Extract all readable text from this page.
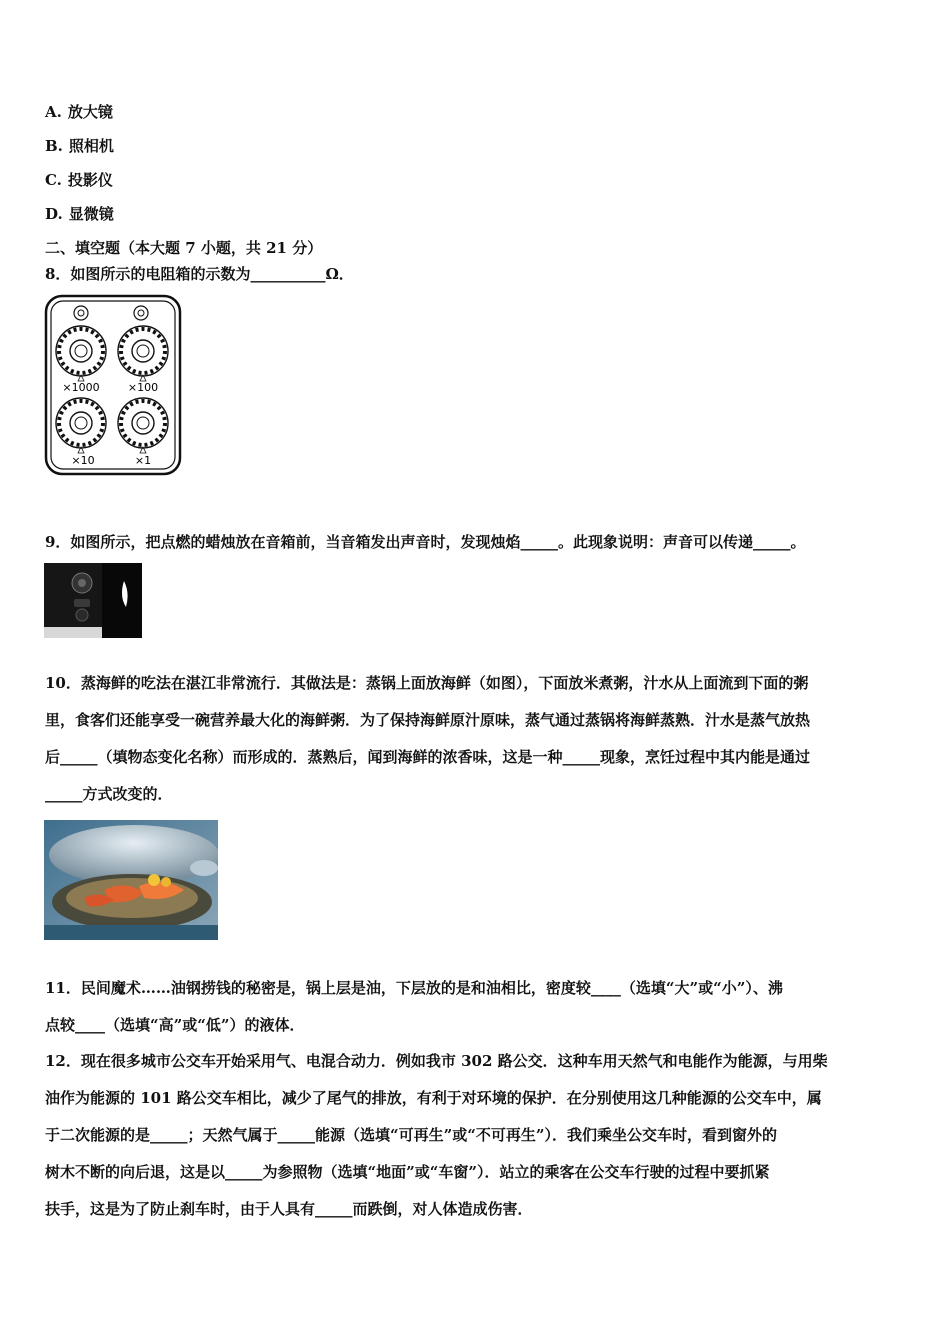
A. 放大镜
B. 照相机
C. 投影仪
D. 显微镜
二、填空题（本大题 7 小题，共 21 分）
8．如图所示的电阻箱的示数为__________Ω．
×1000	×100
×10	×1
9．如图所示，把点燃的蜡烛放在音箱前，当音箱发出声音时，发现烛焰_____。此现象说明：声音可以传递_____。
10．蒸海鲜的吃法在湛江非常流行．其做法是：蒸锅上面放海鲜（如图），下面放米煮粥，汁水从上面流到下面的粥
里，食客们还能享受一碗营养最大化的海鲜粥．为了保持海鲜原汁原味，蒸气通过蒸锅将海鲜蒸熟．汁水是蒸气放热
后_____（填物态变化名称）而形成的．蒸熟后，闻到海鲜的浓香味，这是一种_____现象，烹饪过程中其内能是通过
_____方式改变的．
11．民间魔术……油钢捞钱的秘密是，锅上层是油，下层放的是和油相比，密度较____（选填“大”或“小”）、沸
点较____（选填“高”或“低”）的液体．
12．现在很多城市公交车开始采用气、电混合动力．例如我市 302 路公交．这种车用天然气和电能作为能源，与用柴
油作为能源的 101 路公交车相比，减少了尾气的排放，有利于对环境的保护．在分别使用这几种能源的公交车中，属
于二次能源的是_____；天然气属于_____能源（选填“可再生”或“不可再生”）．我们乘坐公交车时，看到窗外的
树木不断的向后退，这是以_____为参照物（选填“地面”或“车窗”）．站立的乘客在公交车行驶的过程中要抓紧
扶手，这是为了防止刹车时，由于人具有_____而跌倒，对人体造成伤害．
